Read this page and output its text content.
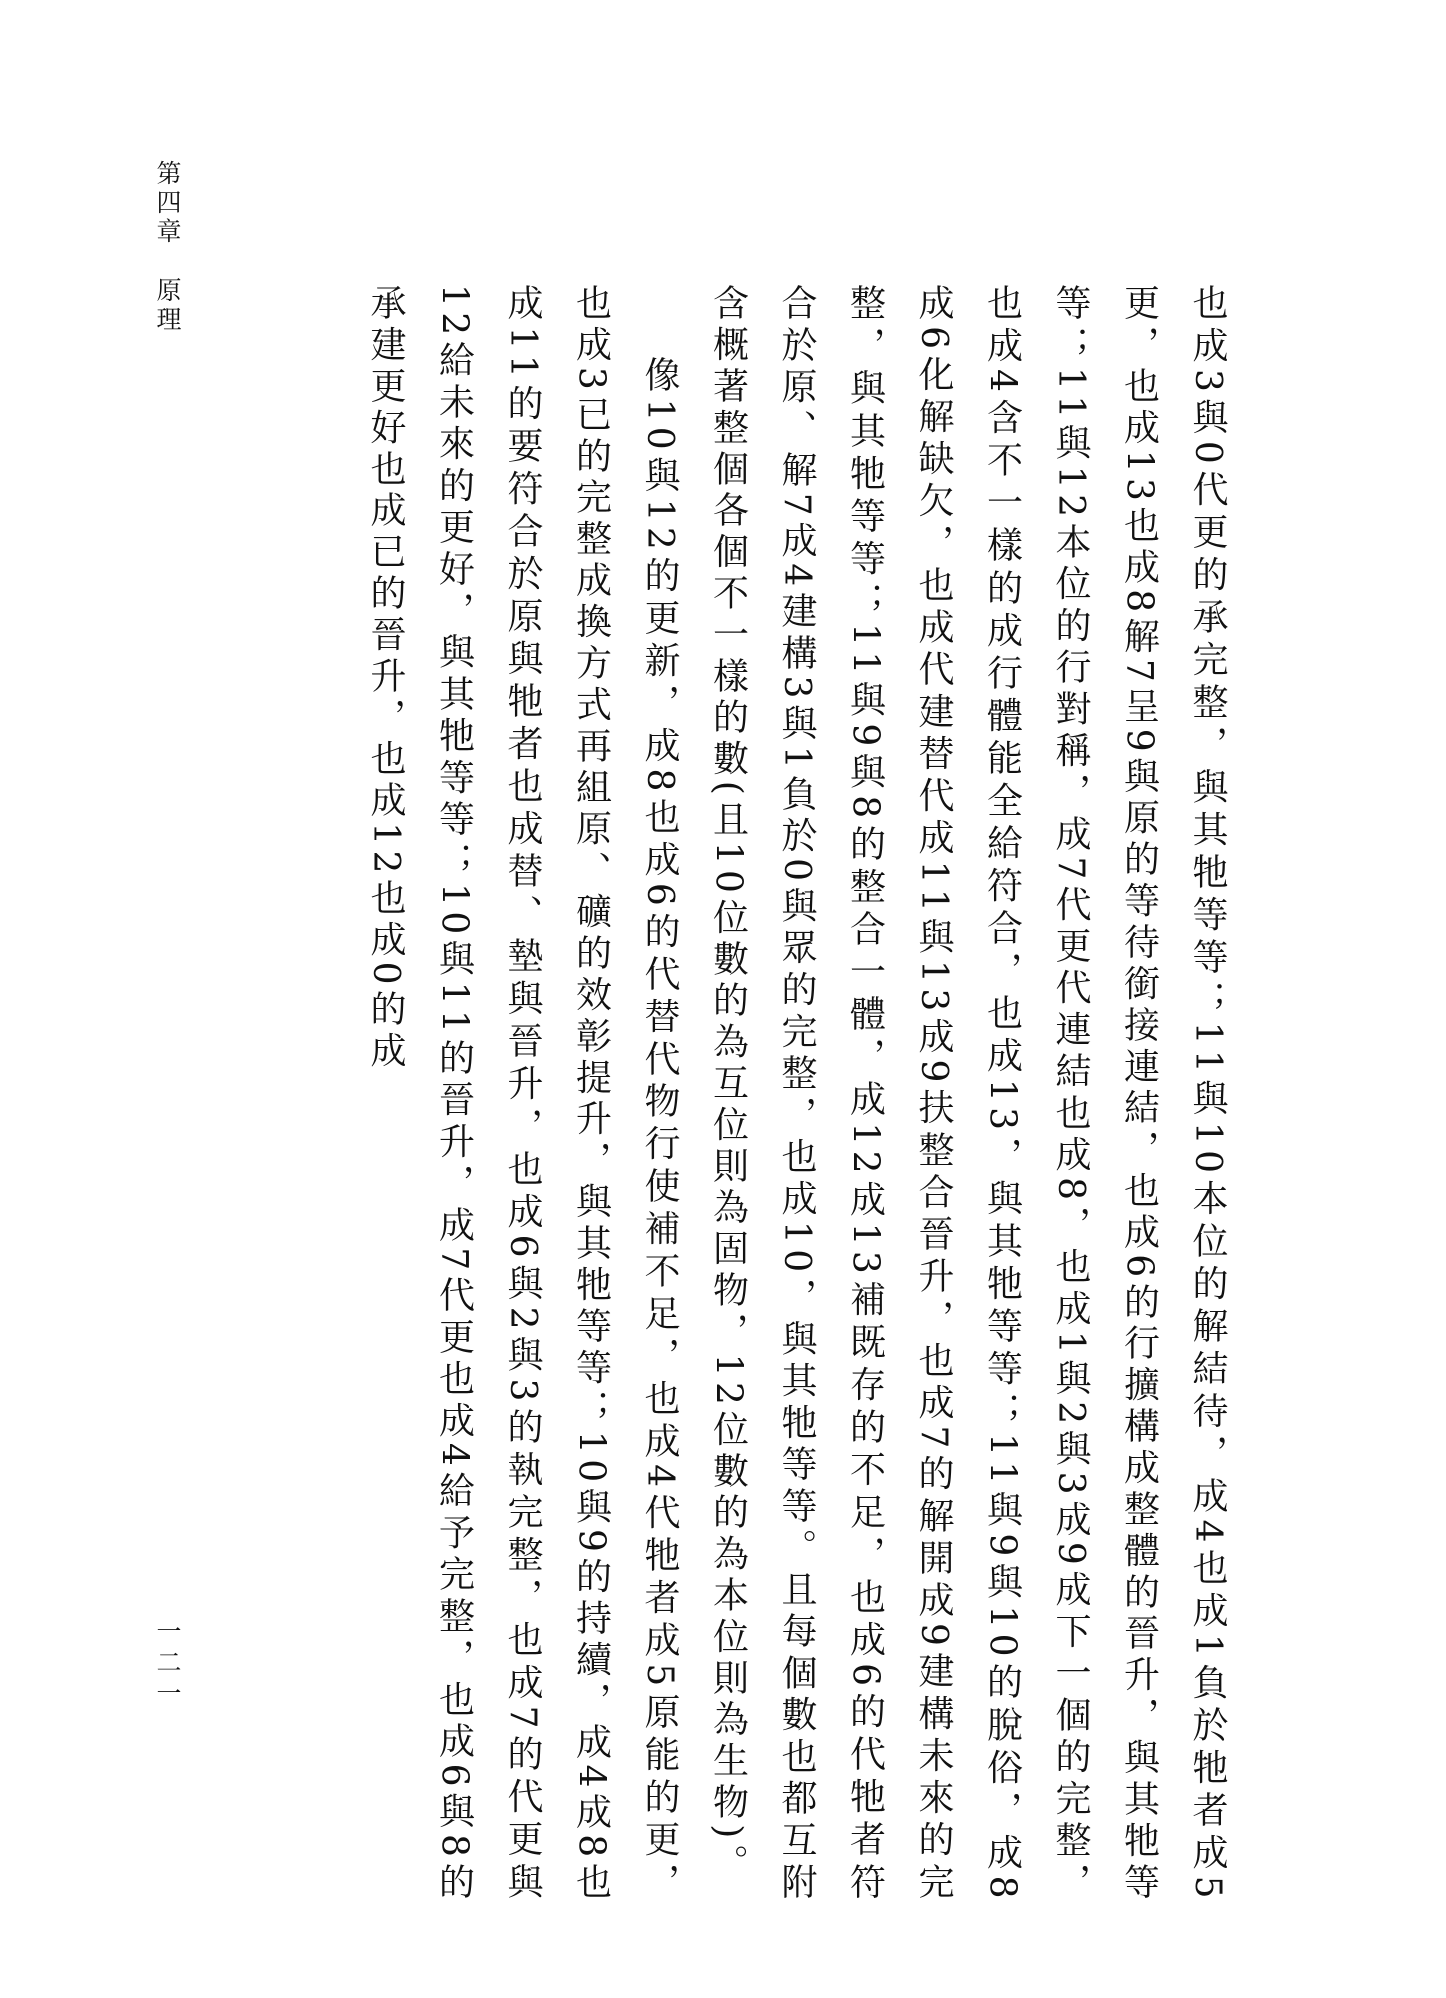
第四章原理
一二一	也成3與0代更的承完整，與其牠等等；11與10本位的解結待，成4也成1負於牠者成5更，也成13也成8解7呈9與原的等待銜接連結，也成6的行擴構成整體的晉升，與其牠等等；11與12本位的行對稱，成7代更代連結也成8，也成1與2與3成9成下一個的完整，也成4含不一樣的成行體能全給符合，也成13，與其牠等等；11與9與10的脫俗，成8成6化解缺欠，也成代建替代成11與13成9扶整合晉升，也成7的解開成9建構未來的完整，與其牠等等；11與9與8的整合一體，成12成13補既存的不足，也成6的代牠者符合於原、解7成4建構3與1負於0與眾的完整，也成10，與其牠等等。且每個數也都互附含概著整個各個不一樣的數(且10位數的為互位則為固物，12位數的為本位則為生物)。

像10與12的更新，成8也成6的代替代物行使補不足，也成4代牠者成5原能的更，也成3已的完整成換方式再組原、礦的效彰提升，與其牠等等；10與9的持續，成4成8也成11的要符合於原與牠者也成替、墊與晉升，也成6與2與3的執完整，也成7的代更與12給未來的更好，與其牠等等；10與11的晉升，成7代更也成4給予完整，也成6與8的承建更好也成已的晉升，也成12也成0的成
